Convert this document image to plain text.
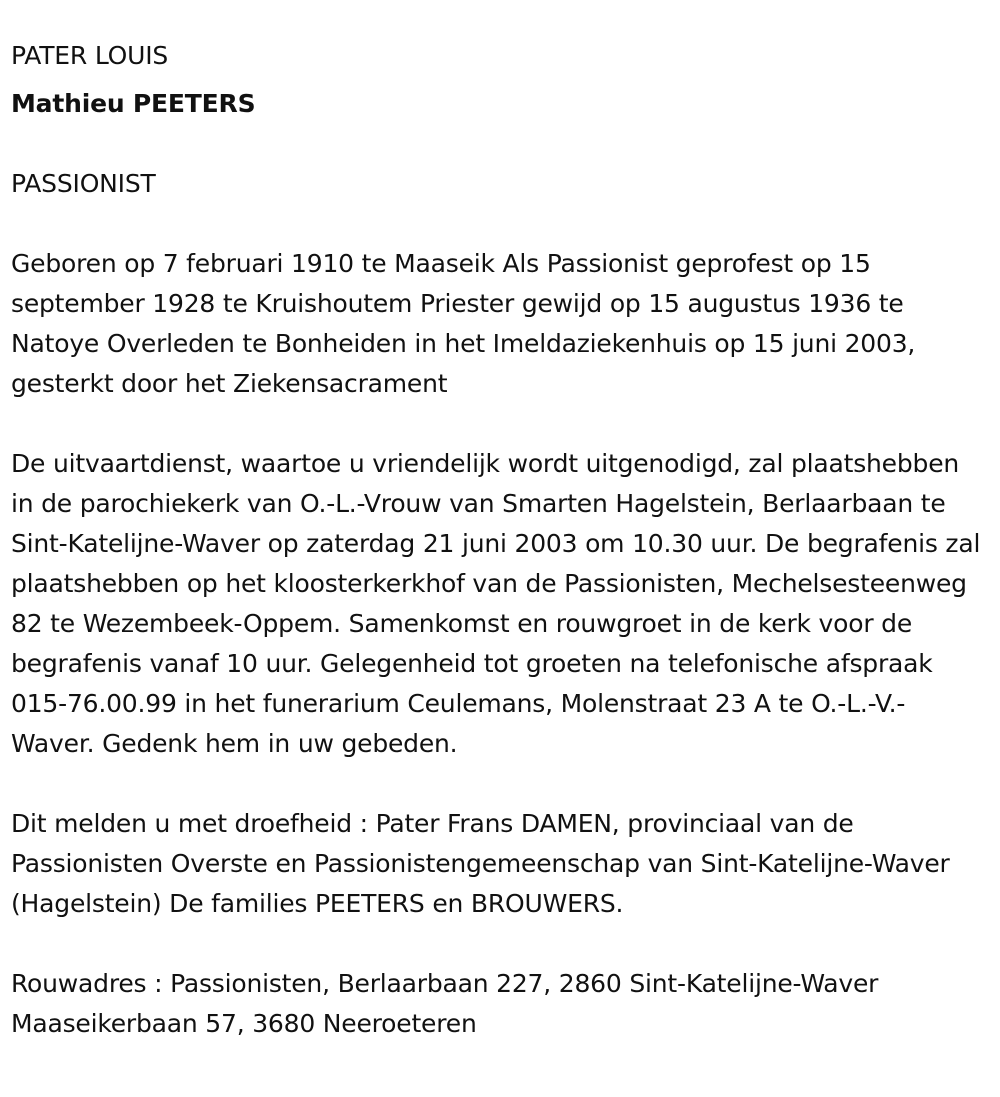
PATER LOUIS

Mathieu PEETERS

PASSIONIST

Geboren op 7 februari 1910 te Maaseik Als Passionist geprofest op 15 september 1928 te Kruishoutem Priester gewijd op 15 augustus 1936 te Natoye Overleden te Bonheiden in het Imeldaziekenhuis op 15 juni 2003, gesterkt door het Ziekensacrament

De uitvaartdienst, waartoe u vriendelijk wordt uitgenodigd, zal plaatshebben in de parochiekerk van O.-L.-Vrouw van Smarten Hagelstein, Berlaarbaan te Sint-Katelijne-Waver op zaterdag 21 juni 2003 om 10.30 uur. De begrafenis zal plaatshebben op het kloosterkerkhof van de Passionisten, Mechelsesteenweg 82 te Wezembeek-Oppem. Samenkomst en rouwgroet in de kerk voor de begrafenis vanaf 10 uur. Gelegenheid tot groeten na telefonische afspraak 015-76.00.99 in het funerarium Ceulemans, Molenstraat 23 A te O.-L.-V.-Waver. Gedenk hem in uw gebeden.

Dit melden u met droefheid : Pater Frans DAMEN, provinciaal van de Passionisten Overste en Passionistengemeenschap van Sint-Katelijne-Waver (Hagelstein) De families PEETERS en BROUWERS.

Rouwadres : Passionisten, Berlaarbaan 227, 2860 Sint-Katelijne-Waver
Maaseikerbaan 57, 3680 Neeroeteren
